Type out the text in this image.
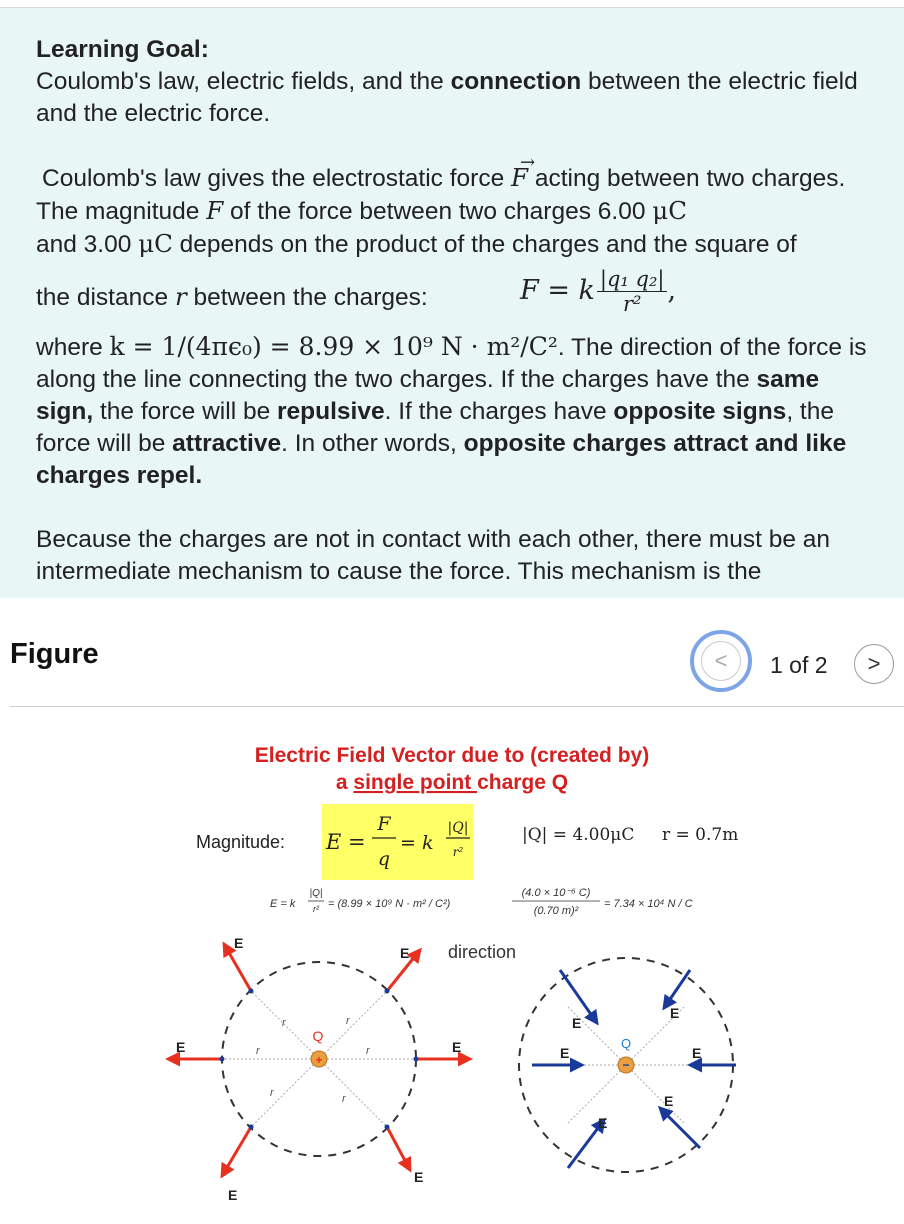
Learning Goal:
Coulomb's law, electric fields, and the connection between the electric field and the electric force.

Coulomb's law gives the electrostatic force F
→
acting between two charges. The magnitude F of the force between two charges 6.00 μC
and 3.00 μC depends on the product of the charges and the square of

the distance r between the charges:	F = k $\frac{\text{|q₁ q₂|}}{\text{r²}}$ ,

where k = 1/(4πϵ₀) = 8.99 × 10⁹ N · m²/C². The direction of the force is along the line connecting the two charges. If the charges have the same sign, the force will be repulsive. If the charges have opposite signs, the force will be attractive. In other words, opposite charges attract and like charges repel.

Because the charges are not in contact with each other, there must be an intermediate mechanism to cause the force. This mechanism is the

Figure	<	1 of 2 >
Electric Field Vector due to (created by)
a single point charge Q
Magnitude: E =
F
q
= k
|Q|
r²
|Q| = 4.00μC r = 0.7m
E = k
|Q|
r² = (8.99 × 10⁹ N · m² / C²)
(4.0 × 10⁻⁶ C)
(0.70 m)²
= 7.34 × 10⁴ N / C
+
Q
r	r
r	r
r	r
E
E
E	E
E
E
direction
−
Q
E
E
E	E
E
E
